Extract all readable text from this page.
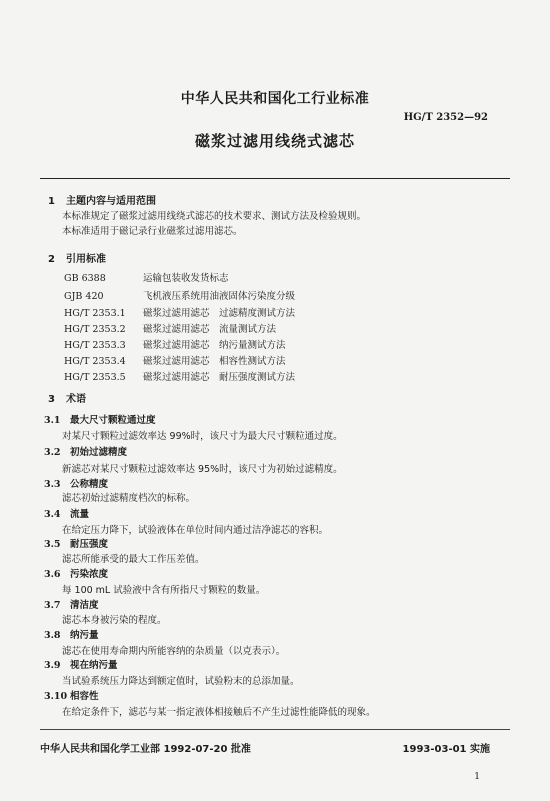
中华人民共和国化工行业标准
HG/T 2352—92
磁浆过滤用线绕式滤芯
1 主题内容与适用范围
本标准规定了磁浆过滤用线绕式滤芯的技术要求、测试方法及检验规则。
本标准适用于磁记录行业磁浆过滤用滤芯。
2 引用标准
GB 6388	运输包装收发货标志
GJB 420	飞机液压系统用油液固体污染度分级
HG/T 2353.1 磁浆过滤用滤芯　过滤精度测试方法
HG/T 2353.2 磁浆过滤用滤芯　流量测试方法
HG/T 2353.3 磁浆过滤用滤芯　纳污量测试方法
HG/T 2353.4 磁浆过滤用滤芯　相容性测试方法
HG/T 2353.5 磁浆过滤用滤芯　耐压强度测试方法
3 术语
3.1 最大尺寸颗粒通过度
对某尺寸颗粒过滤效率达 99%时，该尺寸为最大尺寸颗粒通过度。
3.2 初始过滤精度
新滤芯对某尺寸颗粒过滤效率达 95%时，该尺寸为初始过滤精度。
3.3 公称精度
滤芯初始过滤精度档次的标称。
3.4 流量
在给定压力降下，试验液体在单位时间内通过洁净滤芯的容积。
3.5 耐压强度
滤芯所能承受的最大工作压差值。
3.6 污染浓度
每 100 mL 试验液中含有所指尺寸颗粒的数量。
3.7 清洁度
滤芯本身被污染的程度。
3.8 纳污量
滤芯在使用寿命期内所能容纳的杂质量（以克表示）。
3.9 视在纳污量
当试验系统压力降达到额定值时，试验粉末的总添加量。
3.10 相容性
在给定条件下，滤芯与某一指定液体相接触后不产生过滤性能降低的现象。
中华人民共和国化学工业部 1992-07-20 批准	1993-03-01 实施
1
